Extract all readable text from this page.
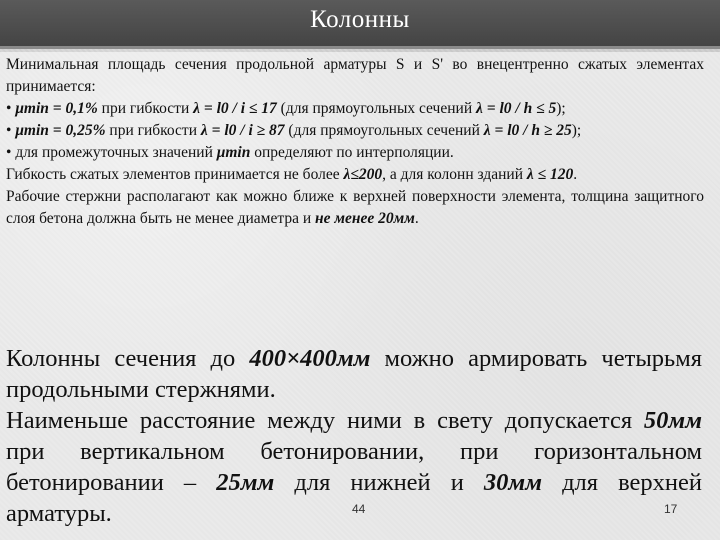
Колонны

Минимальная площадь сечения продольной арматуры S и S' во внецентренно сжатых элементах принимается:

• μmin = 0,1% при гибкости λ = l0 / i ≤ 17 (для прямоугольных сечений λ = l0 / h ≤ 5);

• μmin = 0,25% при гибкости λ = l0 / i ≥ 87 (для прямоугольных сечений λ = l0 / h ≥ 25);

• для промежуточных значений μmin определяют по интерполяции.

Гибкость сжатых элементов принимается не более λ≤200, а для колонн зданий λ ≤ 120.

Рабочие стержни располагают как можно ближе к верхней поверхности элемента, толщина защитного слоя бетона должна быть не менее диаметра и не менее 20мм.

Колонны сечения до 400×400мм можно армировать четырьмя продольными стержнями.

Наименьше расстояние между ними в свету допускается 50мм при вертикальном бетонировании, при горизонтальном бетонировании – 25мм для нижней и 30мм для верхней арматуры.	44	17
